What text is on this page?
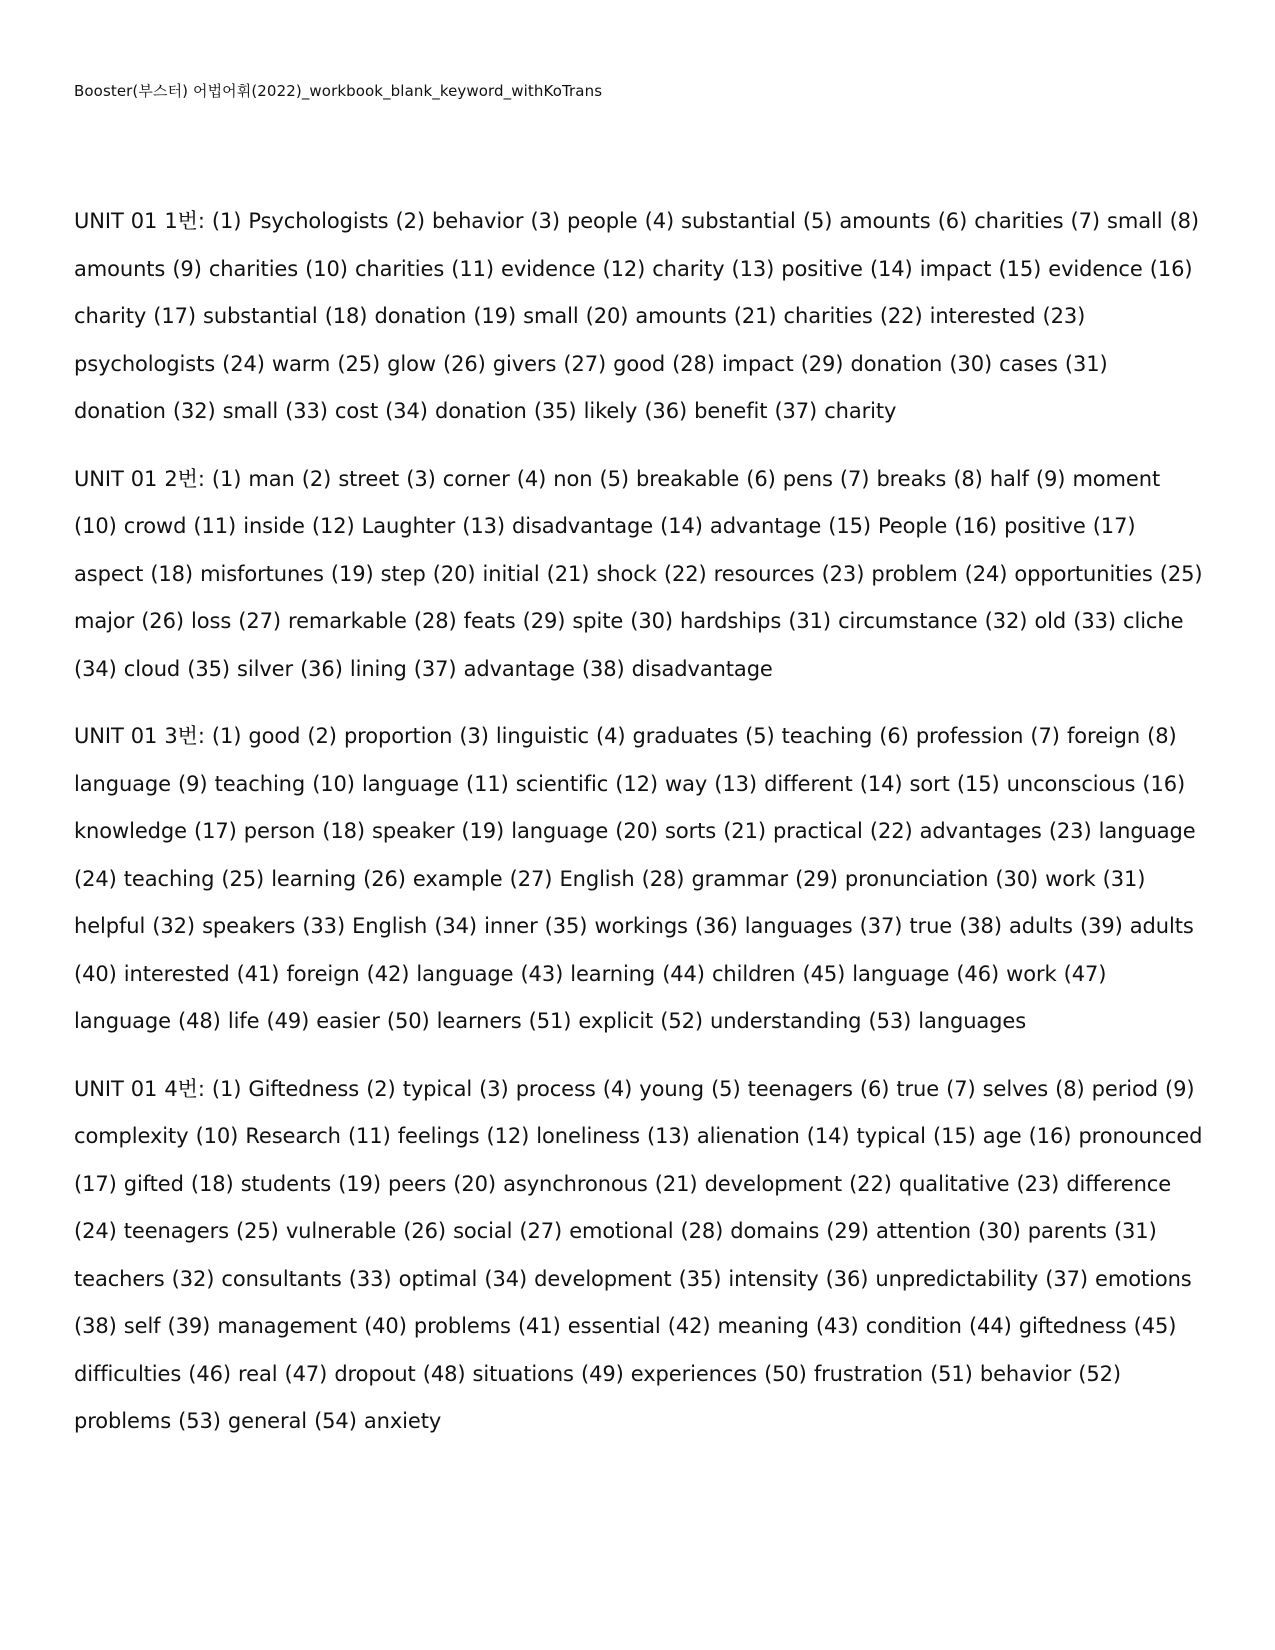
Booster(부스터) 어법어휘(2022)_workbook_blank_keyword_withKoTrans

UNIT 01 1번: (1) Psychologists (2) behavior (3) people (4) substantial (5) amounts (6) charities (7) small (8) amounts (9) charities (10) charities (11) evidence (12) charity (13) positive (14) impact (15) evidence (16) charity (17) substantial (18) donation (19) small (20) amounts (21) charities (22) interested (23) psychologists (24) warm (25) glow (26) givers (27) good (28) impact (29) donation (30) cases (31) donation (32) small (33) cost (34) donation (35) likely (36) benefit (37) charity

UNIT 01 2번: (1) man (2) street (3) corner (4) non (5) breakable (6) pens (7) breaks (8) half (9) moment (10) crowd (11) inside (12) Laughter (13) disadvantage (14) advantage (15) People (16) positive (17) aspect (18) misfortunes (19) step (20) initial (21) shock (22) resources (23) problem (24) opportunities (25) major (26) loss (27) remarkable (28) feats (29) spite (30) hardships (31) circumstance (32) old (33) cliche (34) cloud (35) silver (36) lining (37) advantage (38) disadvantage

UNIT 01 3번: (1) good (2) proportion (3) linguistic (4) graduates (5) teaching (6) profession (7) foreign (8) language (9) teaching (10) language (11) scientific (12) way (13) different (14) sort (15) unconscious (16) knowledge (17) person (18) speaker (19) language (20) sorts (21) practical (22) advantages (23) language (24) teaching (25) learning (26) example (27) English (28) grammar (29) pronunciation (30) work (31) helpful (32) speakers (33) English (34) inner (35) workings (36) languages (37) true (38) adults (39) adults (40) interested (41) foreign (42) language (43) learning (44) children (45) language (46) work (47) language (48) life (49) easier (50) learners (51) explicit (52) understanding (53) languages

UNIT 01 4번: (1) Giftedness (2) typical (3) process (4) young (5) teenagers (6) true (7) selves (8) period (9) complexity (10) Research (11) feelings (12) loneliness (13) alienation (14) typical (15) age (16) pronounced (17) gifted (18) students (19) peers (20) asynchronous (21) development (22) qualitative (23) difference (24) teenagers (25) vulnerable (26) social (27) emotional (28) domains (29) attention (30) parents (31) teachers (32) consultants (33) optimal (34) development (35) intensity (36) unpredictability (37) emotions (38) self (39) management (40) problems (41) essential (42) meaning (43) condition (44) giftedness (45) difficulties (46) real (47) dropout (48) situations (49) experiences (50) frustration (51) behavior (52) problems (53) general (54) anxiety
